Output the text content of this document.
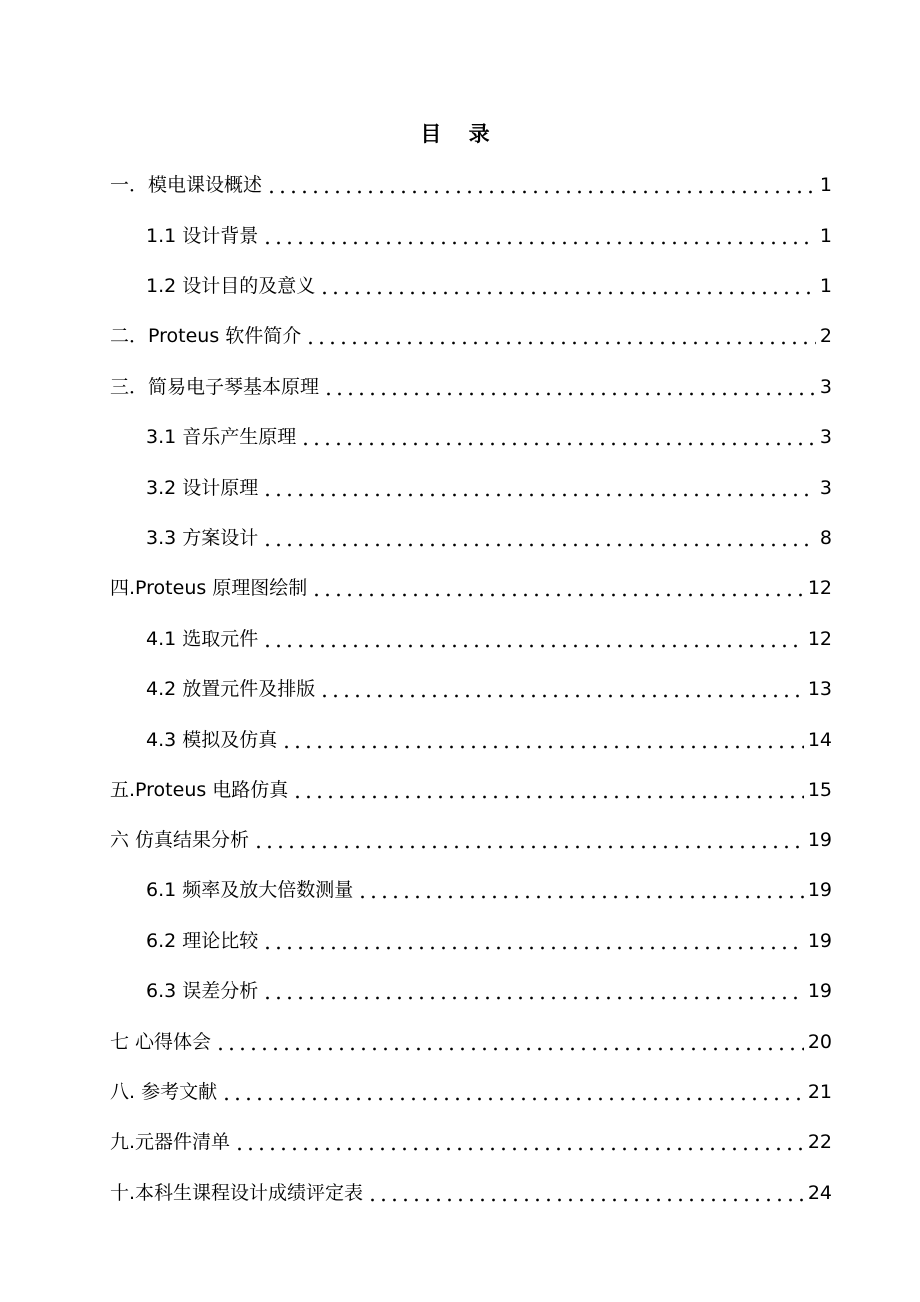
目 录
一．模电课设概述	1
1.1 设计背景	1
1.2 设计目的及意义	1
二．Proteus 软件简介	2
三．简易电子琴基本原理	3
3.1 音乐产生原理	3
3.2 设计原理	3
3.3 方案设计	8
四.Proteus 原理图绘制	12
4.1 选取元件	12
4.2 放置元件及排版	13
4.3 模拟及仿真	14
五.Proteus 电路仿真	15
六 仿真结果分析	19
6.1 频率及放大倍数测量	19
6.2 理论比较	19
6.3 误差分析	19
七 心得体会	20
八. 参考文献	21
九.元器件清单	22
十.本科生课程设计成绩评定表	24
